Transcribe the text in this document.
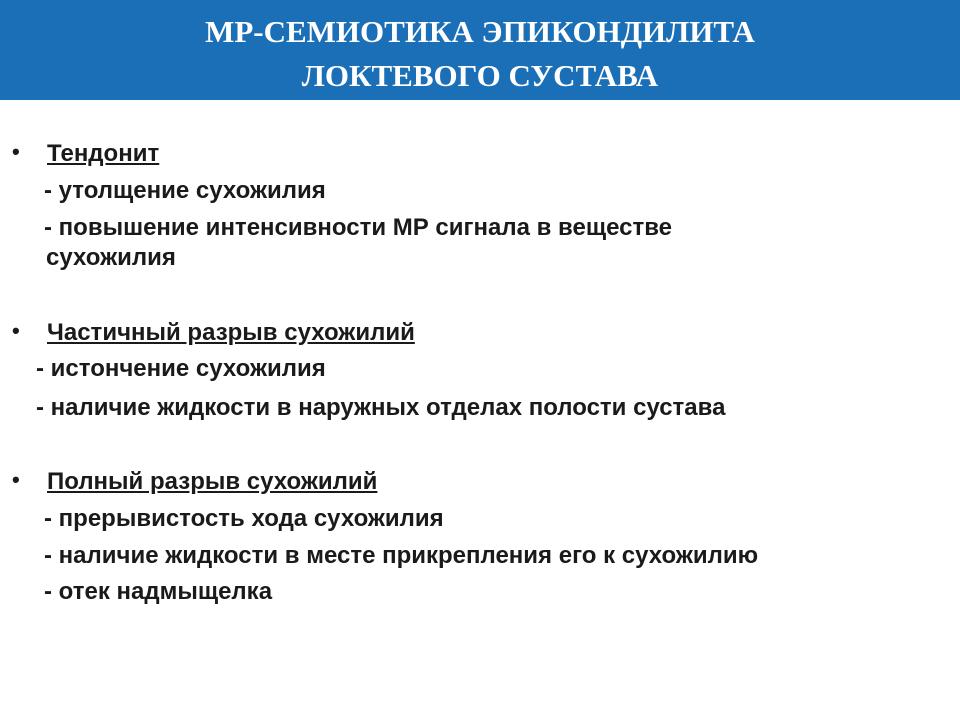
МР-СЕМИОТИКА ЭПИКОНДИЛИТА
ЛОКТЕВОГО СУСТАВА
• Тендонит
- утолщение сухожилия
- повышение интенсивности МР сигнала в веществе
сухожилия
• Частичный разрыв сухожилий
- истончение сухожилия
- наличие жидкости в наружных отделах полости сустава
• Полный разрыв сухожилий
- прерывистость хода сухожилия
- наличие жидкости в месте прикрепления его к сухожилию
- отек надмыщелка
